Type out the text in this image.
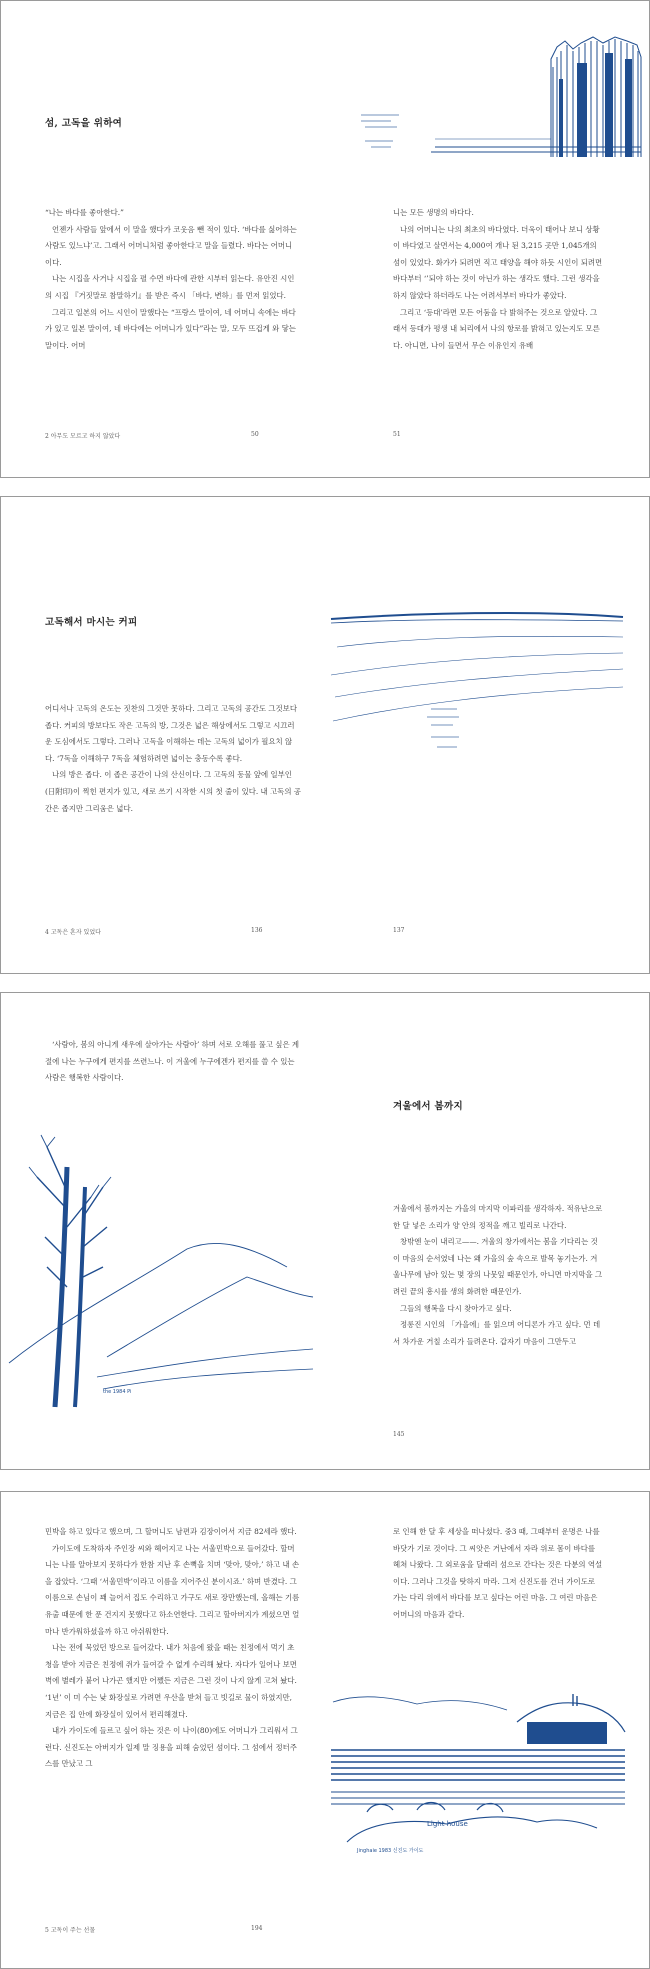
섬, 고독을 위하여

“나는 바다를 좋아한다.”

언젠가 사람들 앞에서 이 말을 했다가 코웃음 뺀 적이 있다. ‘바다를 싫어하는 사람도 있느냐’고. 그래서 어머니처럼 좋아한다고 말을 들렸다. 바다는 어머니이다.

나는 시집을 사거나 시집을 펼 수면 바다에 관한 시부터 읽는다. 유안진 시인의 시집 『거짓말로 참말하기』를 받은 즉시 「바다, 변하」를 먼저 읽었다.

그리고 일본의 어느 시인이 말했다는 “프랑스 말이여, 네 어머니 속에는 바다가 있고 일본 말이여, 네 바다에는 어머니가 있다”라는 말, 모두 뜨겁게 와 닿는 말이다. 어머

니는 모든 생명의 바다다.

나의 어머니는 나의 최초의 바다였다. 더욱이 태어나 보니 상황이 바다였고 살면서는 4,000여 개나 된 3,215 곳만 1,045개의 섬이 있었다. 화가가 되려면 직고 태양을 해야 하듯 시인이 되려면 바다부터 ‘’되야 하는 것이 아닌가 하는 생각도 했다. 그런 생각을 하지 않았다 하더라도 나는 어려서부터 바다가 좋았다.

그리고 ‘등대’라면 모든 어둠을 다 밝혀주는 것으로 알았다. 그래서 등대가 평생 내 뇌리에서 나의 항로를 밝혀고 있는지도 모른다. 아니면, 나이 들면서 무슨 이유인지 유배

2 아무도 모르고 하지 않았다	50	51
고독해서 마시는 커피

어디서나 고독의 온도는 짓찬의 그것만 못하다. 그리고 고독의 공간도 그것보다 좁다. 커피의 방보다도 작은 고독의 방, 그것은 넓은 해상에서도 그렇고 시끄러운 도심에서도 그렇다. 그러나 고독을 이해하는 데는 고독의 넓이가 필요치 않다. ‘7독을 이해하구 7독을 체험하려면 넓이는 충동수록 좋다.

나의 방은 좁다. 이 좁은 공간이 나의 산신이다. 그 고독의 동물 앞에 일부인(日附印)이 찍힌 편지가 있고, 새로 쓰기 시작한 시의 첫 줄이 있다. 내 고독의 공간은 좁지만 그리움은 넓다.

4 고독은 혼자 있었다	136	137

‘사람아, 봄의 아니게 새우에 살아가는 사람아’ 하며 서로 오해를 풀고 싶은 계절에 나는 누구에게 편지를 쓰련느나. 이 겨울에 누구에겐가 편지를 쓸 수 있는 사람은 행복한 사람이다.

the 1984 Pi
겨울에서 봄까지

겨울에서 봄까지는 가을의 마지막 이파리를 생각하자. 적유난으로 한 달 넣은 소리가 양 안의 정적을 깨고 빌리로 나간다.

창밖엔 눈이 내리고——. 겨울의 창가에서는 봄을 기다리는 것이 마음의 순서였네 나는 왜 가을의 숲 속으로 발목 놓기는가. 겨울나무에 남아 있는 몇 장의 나뭇잎 때문인가, 아니면 마지막을 그려린 끝의 흥시를 생의 화려한 때문인가.

그들의 행복을 다시 찾아가고 싶다.

정롱진 시인의 「가을에」를 읽으며 어디론가 가고 싶다. 먼 데서 차가운 거칠 소리가 들려온다. 갑자기 마음이 그만두고

145

민박을 하고 있다고 했으며, 그 할머니도 남편과 김장이어서 지금 82세라 했다.

가이도에 도착하자 주인장 씨와 헤어지고 나는 서울민박으로 들어갔다. 할머니는 나를 알아보지 못하다가 한참 지난 후 손뼉을 치며 ‘맞아, 맞아,’ 하고 내 손을 잡았다. ‘그때 ‘서울민박’이라고 이름을 지어주신 분이시죠.’ 하며 반겼다. 그 이름으로 손님이 꽤 늘어서 집도 수리하고 가구도 새로 장만했는데, 올해는 기름 유출 때문에 한 푼 건지지 못했다고 하소연한다. 그리고 할아버지가 계셨으면 얼마나 반가워하셨을까 하고 아쉬워한다.

나는 전에 묵었던 방으로 들어갔다. 내가 처음에 왔을 때는 친정에서 먹기 초청을 받아 지금은 친정에 쥐가 들여갈 수 없게 수리해 놨다. 자다가 일어나 보면 벽에 별레가 붙어 나가곤 했지만 어쨌든 지금은 그런 것이 나지 않게 고쳐 놨다. ‘1년’ 이 미 수는 낮 화장실로 가려면 우산을 받쳐 들고 빗길로 물이 하였지만, 지금은 집 안에 화장실이 있어서 편리해졌다.

내가 가이도에 들르고 싶어 하는 것은 이 나이(80)에도 어머니가 그리워서 그런다. 신진도는 아버지가 일제 말 징용을 피해 숨었던 섬이다. 그 섬에서 정터주스를 만났고 그

로 인해 한 달 후 세상을 떠나셨다. 중3 때, 그때부터 운명은 나를 바닷가 기로 것이다. 그 씨앗은 거난에서 자라 위로 몸이 바다를 헤쳐 나왔다. 그 외로움을 달래러 섬으로 간다는 것은 다분의 역설이다. 그러나 그것을 탓하지 마라. 그저 신진도를 건너 가이도로 가는 다리 위에서 바다를 보고 싶다는 어린 마음. 그 여린 마음은 어머니의 마음과 같다.

Light house
Jinghaie 1983 신진도 가이도
5 고독이 주는 선물	194
